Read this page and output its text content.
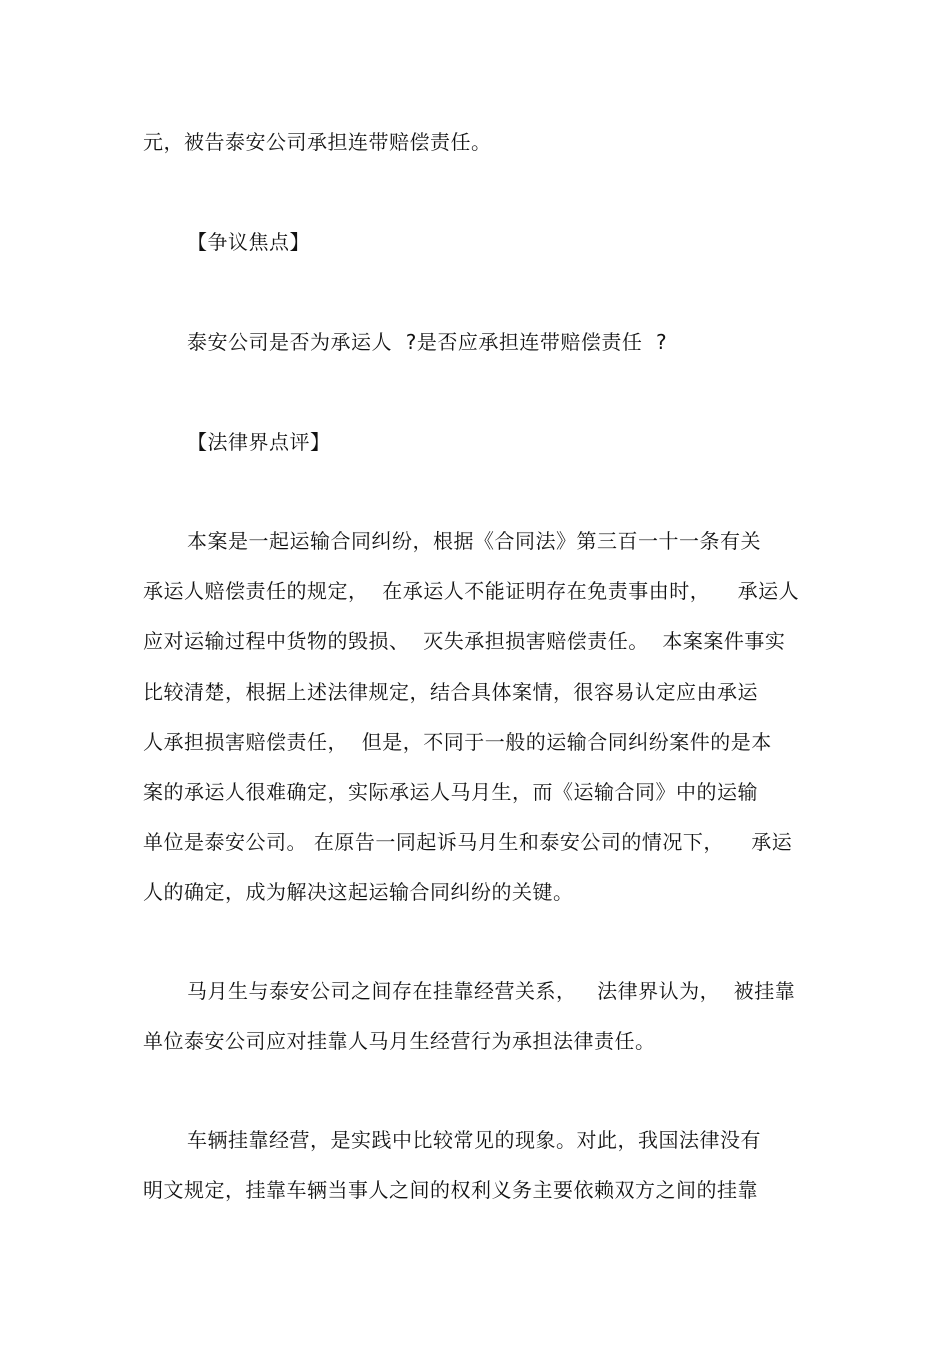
元，被告泰安公司承担连带赔偿责任。
【争议焦点】
泰安公司是否为承运人  ?是否应承担连带赔偿责任  ?
【法律界点评】
本案是一起运输合同纠纷，根据《合同法》第三百一十一条有关
承运人赔偿责任的规定，  在承运人不能证明存在免责事由时，    承运人
应对运输过程中货物的毁损、  灭失承担损害赔偿责任。  本案案件事实
比较清楚，根据上述法律规定，结合具体案情，很容易认定应由承运
人承担损害赔偿责任，  但是，不同于一般的运输合同纠纷案件的是本
案的承运人很难确定，实际承运人马月生，而《运输合同》中的运输
单位是泰安公司。 在原告一同起诉马月生和泰安公司的情况下，    承运
人的确定，成为解决这起运输合同纠纷的关键。
马月生与泰安公司之间存在挂靠经营关系，   法律界认为，  被挂靠
单位泰安公司应对挂靠人马月生经营行为承担法律责任。
车辆挂靠经营，是实践中比较常见的现象。对此，我国法律没有
明文规定，挂靠车辆当事人之间的权利义务主要依赖双方之间的挂靠
